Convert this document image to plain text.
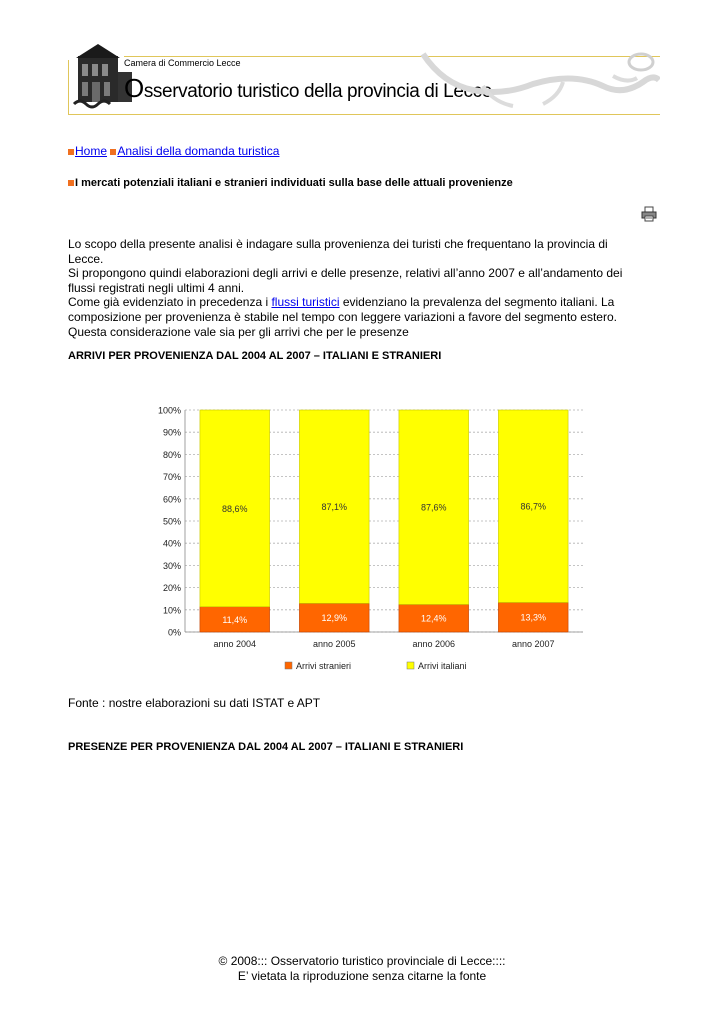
Camera di Commercio Lecce
Osservatorio turistico della provincia di Lecce
Home Analisi della domanda turistica
I mercati potenziali italiani e stranieri individuati sulla base delle attuali provenienze
Lo scopo della presente analisi è indagare sulla provenienza dei turisti che frequentano la provincia di Lecce.
Si propongono quindi elaborazioni degli arrivi e delle presenze, relativi all’anno 2007 e all’andamento dei flussi registrati negli ultimi 4 anni.
Come già evidenziato in precedenza i flussi turistici evidenziano la prevalenza del segmento italiani. La composizione per provenienza è stabile nel tempo con leggere variazioni a favore del segmento estero.
Questa considerazione vale sia per gli arrivi che per le presenze
ARRIVI PER PROVENIENZA DAL 2004 AL 2007 – ITALIANI E STRANIERI
0%
10%
20%
30%
40%
50%
60%
70%
80%
90%
100%
11,4%
88,6%
anno 2004
12,9%
87,1%
anno 2005
12,4%
87,6%
anno 2006
13,3%
86,7%
anno 2007
Arrivi stranieri	Arrivi italiani
Fonte : nostre elaborazioni su dati ISTAT e APT
PRESENZE PER PROVENIENZA DAL 2004 AL 2007 – ITALIANI E STRANIERI
© 2008::: Osservatorio turistico provinciale di Lecce::::
E’ vietata la riproduzione senza citarne la fonte
